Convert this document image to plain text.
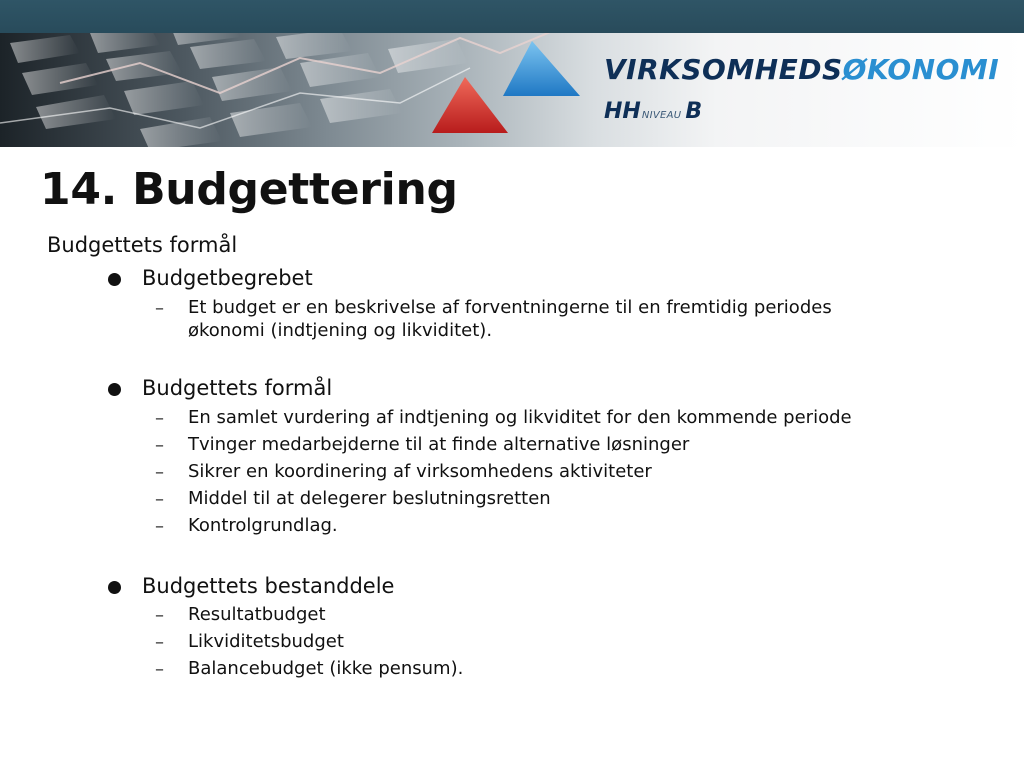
VIRKSOMHEDSØKONOMI
HHNIVEAU B
14. Budgettering
Budgettets formål
Budgetbegrebet
– Et budget er en beskrivelse af forventningerne til en fremtidig periodes
økonomi (indtjening og likviditet).
Budgettets formål
– En samlet vurdering af indtjening og likviditet for den kommende periode
– Tvinger medarbejderne til at finde alternative løsninger
– Sikrer en koordinering af virksomhedens aktiviteter
– Middel til at delegerer beslutningsretten
– Kontrolgrundlag.
Budgettets bestanddele
– Resultatbudget
– Likviditetsbudget
– Balancebudget (ikke pensum).
